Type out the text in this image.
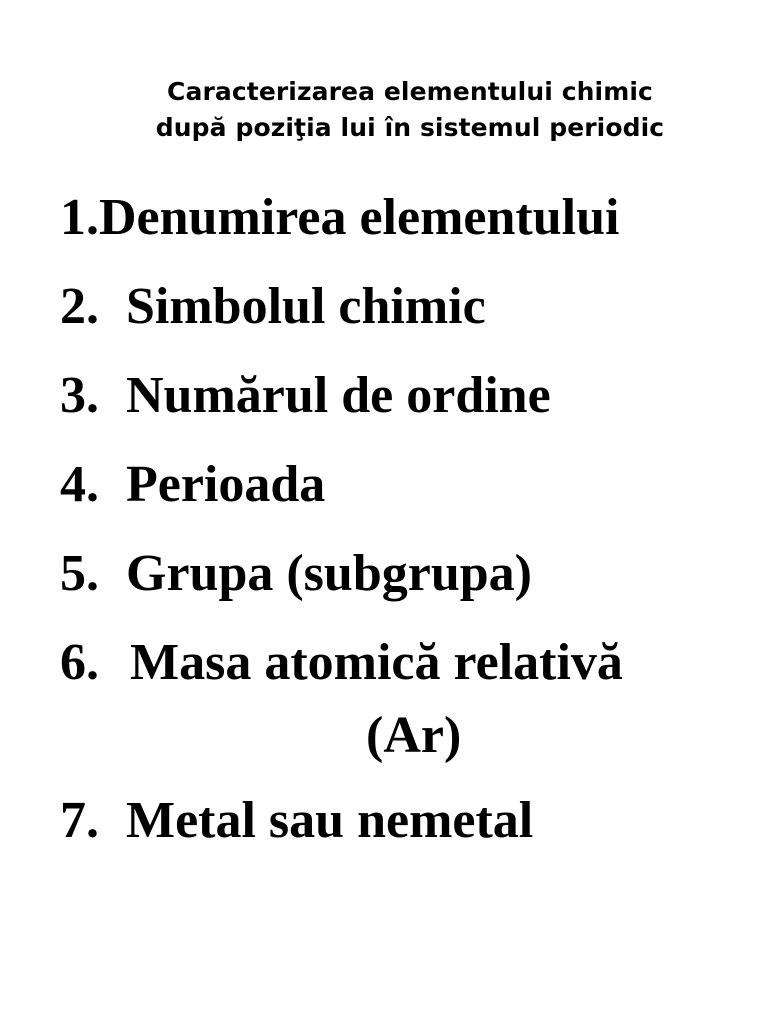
Caracterizarea elementului chimic
după poziţia lui în sistemul periodic
1.Denumirea elementului
2. Simbolul chimic
3. Numărul de ordine
4. Perioada
5. Grupa (subgrupa)
6. Masa atomică relativă
(Ar)
7. Metal sau nemetal
